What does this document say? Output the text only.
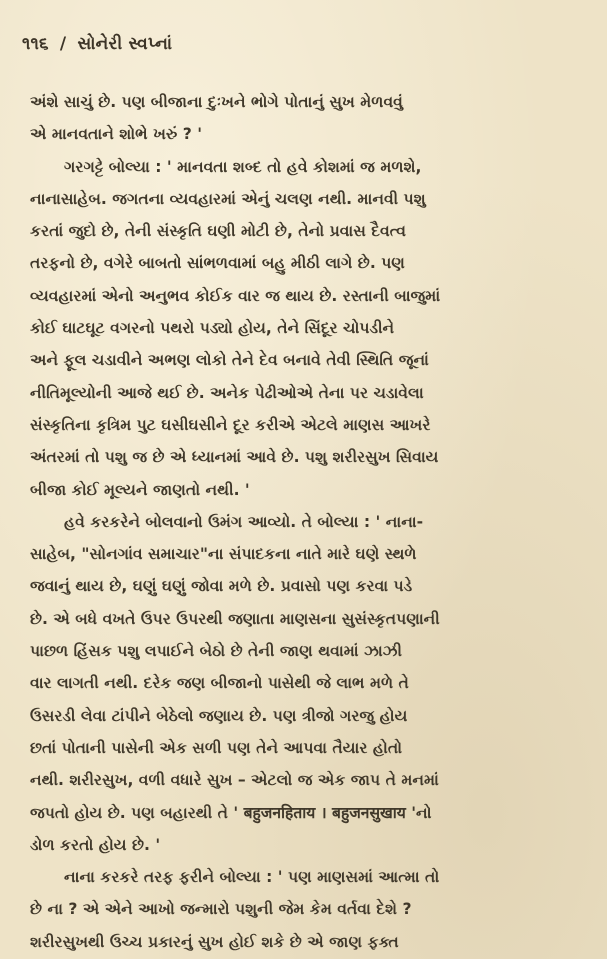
૧૧૬ / સોનેરી સ્વપ્નાં
અંશે સાચું છે. પણ બીજાના દુઃખને ભોગે પોતાનું સુખ મેળવવું
એ માનવતાને શોભે ખરું ? '
ગરગટ્ટે બોલ્યા : ' માનવતા શબ્દ તો હવે કોશમાં જ મળશે,
નાનાસાહેબ. જગતના વ્યવહારમાં એનું ચલણ નથી. માનવી પશુ
કરતાં જુદો છે, તેની સંસ્કૃતિ ઘણી મોટી છે, તેનો પ્રવાસ દૈવત્વ
તરફનો છે, વગેરે બાબતો સાંભળવામાં બહુ મીઠી લાગે છે. પણ
વ્યવહારમાં એનો અનુભવ કોઈક વાર જ થાય છે. રસ્તાની બાજુમાં
કોઈ ઘાટઘૂટ વગરનો પથરો પડ્યો હોય, તેને સિંદૂર ચોપડીને
અને ફૂલ ચડાવીને અભણ લોકો તેને દેવ બનાવે તેવી સ્થિતિ જૂનાં
નીતિમૂલ્યોની આજે થઈ છે. અનેક પેઢીઓએ તેના પર ચડાવેલા
સંસ્કૃતિના કૃત્રિમ પુટ ઘસીઘસીને દૂર કરીએ એટલે માણસ આખરે
અંતરમાં તો પશુ જ છે એ ધ્યાનમાં આવે છે. પશુ શરીરસુખ સિવાય
બીજા કોઈ મૂલ્યને જાણતો નથી. '
હવે કરકરેને બોલવાનો ઉમંગ આવ્યો. તે બોલ્યા : ' નાના-
સાહેબ, "સોનગાંવ સમાચાર"ના સંપાદકના નાતે મારે ઘણે સ્થળે
જવાનું થાય છે, ઘણું ઘણું જોવા મળે છે. પ્રવાસો પણ કરવા પડે
છે. એ બધે વખતે ઉપર ઉપરથી જણાતા માણસના સુસંસ્કૃતપણાની
પાછળ હિંસક પશુ લપાઈને બેઠો છે તેની જાણ થવામાં ઝાઝી
વાર લાગતી નથી. દરેક જણ બીજાનો પાસેથી જે લાભ મળે તે
ઉસરડી લેવા ટાંપીને બેઠેલો જણાય છે. પણ ત્રીજો ગરજુ હોય
છતાં પોતાની પાસેની એક સળી પણ તેને આપવા તૈયાર હોતો
નથી. શરીરસુખ, વળી વધારે સુખ – એટલો જ એક જાપ તે મનમાં
જપતો હોય છે. પણ બહારથી તે ' बहुजनहिताय । बहुजनसुखाय 'નો
ડોળ કરતો હોય છે. '
નાના કરકરે તરફ ફરીને બોલ્યા : ' પણ માણસમાં આત્મા તો
છે ના ? એ એને આખો જન્મારો પશુની જેમ કેમ વર્તવા દેશે ?
શરીરસુખથી ઉચ્ચ પ્રકારનું સુખ હોઈ શકે છે એ જાણ ફક્ત
